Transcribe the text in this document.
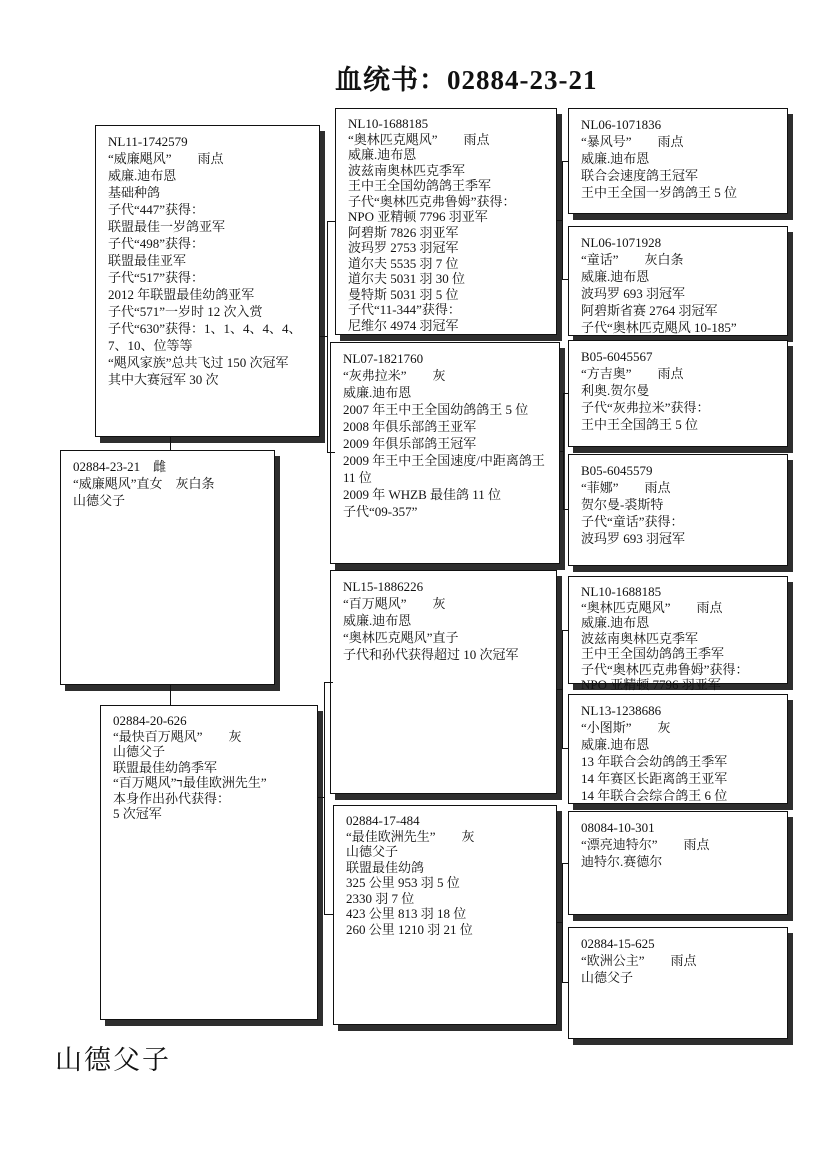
血统书：02884-23-21
NL11-1742579
“威廉飓风”　　雨点
威廉.迪布恩
基础种鸽
子代“447”获得：
联盟最佳一岁鸽亚军
子代“498”获得：
联盟最佳亚军
子代“517”获得：
2012 年联盟最佳幼鸽亚军
子代“571”一岁时 12 次入赏
子代“630”获得：1、1、4、4、4、
7、10、位等等
“飓风家族”总共飞过 150 次冠军
其中大赛冠军 30 次
02884-23-21　雌
“威廉飓风”直女　灰白条
山德父子
02884-20-626
“最快百万飓风”　　灰
山德父子
联盟最佳幼鸽季军
“百万飓风”ד最佳欧洲先生”
本身作出孙代获得：
5 次冠军
NL10-1688185
“奥林匹克飓风”　　雨点
威廉.迪布恩
波兹南奥林匹克季军
王中王全国幼鸽鸽王季军
子代“奥林匹克弗鲁姆”获得：
NPO 亚精顿 7796 羽亚军
阿碧斯 7826 羽亚军
波玛罗 2753 羽冠军
道尔夫 5535 羽 7 位
道尔夫 5031 羽 30 位
曼特斯 5031 羽 5 位
子代“11-344”获得：
尼维尔 4974 羽冠军
NL07-1821760
“灰弗拉米”　　灰
威廉.迪布恩
2007 年王中王全国幼鸽鸽王 5 位
2008 年俱乐部鸽王亚军
2009 年俱乐部鸽王冠军
2009 年王中王全国速度/中距离鸽王
11 位
2009 年 WHZB 最佳鸽 11 位
子代“09-357”
NL15-1886226
“百万飓风”　　灰
威廉.迪布恩
“奥林匹克飓风”直子
子代和孙代获得超过 10 次冠军
02884-17-484
“最佳欧洲先生”　　灰
山德父子
联盟最佳幼鸽
325 公里 953 羽 5 位
2330 羽 7 位
423 公里 813 羽 18 位
260 公里 1210 羽 21 位
NL06-1071836
“暴风号”　　雨点
威廉.迪布恩
联合会速度鸽王冠军
王中王全国一岁鸽鸽王 5 位
NL06-1071928
“童话”　　灰白条
威廉.迪布恩
波玛罗 693 羽冠军
阿碧斯省赛 2764 羽冠军
子代“奥林匹克飓风 10-185”
B05-6045567
“方吉奥”　　雨点
利奥.贺尔曼
子代“灰弗拉米”获得：
王中王全国鸽王 5 位
B05-6045579
“菲娜”　　雨点
贺尔曼-裘斯特
子代“童话”获得：
波玛罗 693 羽冠军
NL10-1688185
“奥林匹克飓风”　　雨点
威廉.迪布恩
波兹南奥林匹克季军
王中王全国幼鸽鸽王季军
子代“奥林匹克弗鲁姆”获得：
NPO 亚精顿 7796 羽亚军
NL13-1238686
“小图斯”　　灰
威廉.迪布恩
13 年联合会幼鸽鸽王季军
14 年赛区长距离鸽王亚军
14 年联合会综合鸽王 6 位
08084-10-301
“漂亮迪特尔”　　雨点
迪特尔.赛德尔
02884-15-625
“欧洲公主”　　雨点
山德父子
山德父子
